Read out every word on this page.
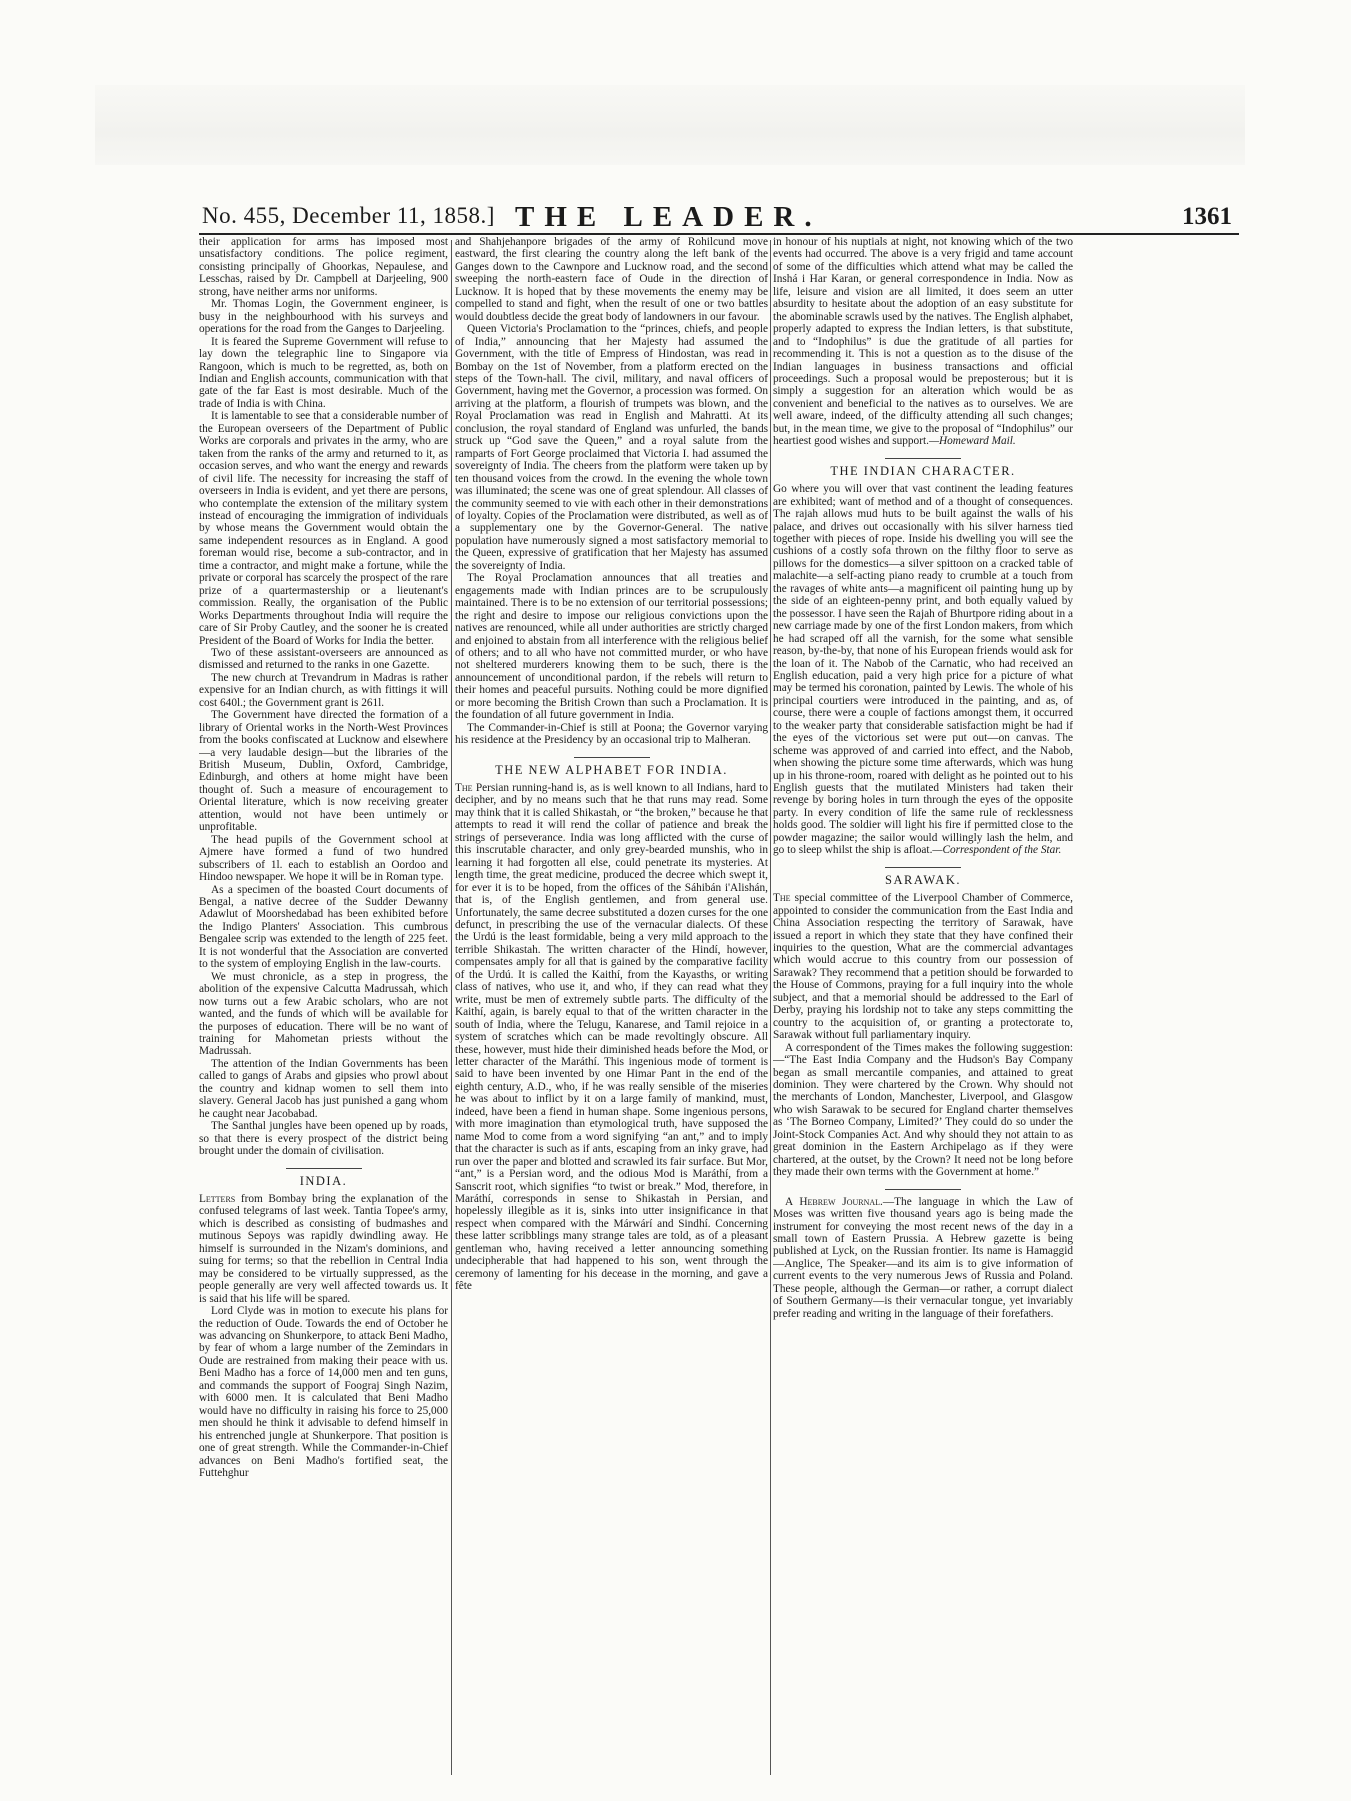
No. 455, December 11, 1858.] THE LEADER.	1361

their application for arms has imposed most unsatisfactory conditions. The police regiment, consisting principally of Ghoorkas, Nepaulese, and Lesschas, raised by Dr. Campbell at Darjeeling, 900 strong, have neither arms nor uniforms.

Mr. Thomas Login, the Government engineer, is busy in the neighbourhood with his surveys and operations for the road from the Ganges to Darjeeling.

It is feared the Supreme Government will refuse to lay down the telegraphic line to Singapore via Rangoon, which is much to be regretted, as, both on Indian and English accounts, communication with that gate of the far East is most desirable. Much of the trade of India is with China.

It is lamentable to see that a considerable number of the European overseers of the Department of Public Works are corporals and privates in the army, who are taken from the ranks of the army and returned to it, as occasion serves, and who want the energy and rewards of civil life. The necessity for increasing the staff of overseers in India is evident, and yet there are persons, who contemplate the extension of the military system instead of encouraging the immigration of individuals by whose means the Government would obtain the same independent resources as in England. A good foreman would rise, become a sub-contractor, and in time a contractor, and might make a fortune, while the private or corporal has scarcely the prospect of the rare prize of a quartermastership or a lieutenant's commission. Really, the organisation of the Public Works Departments throughout India will require the care of Sir Proby Cautley, and the sooner he is created President of the Board of Works for India the better.

Two of these assistant-overseers are announced as dismissed and returned to the ranks in one Gazette.

The new church at Trevandrum in Madras is rather expensive for an Indian church, as with fittings it will cost 640l.; the Government grant is 261l.

The Government have directed the formation of a library of Oriental works in the North-West Provinces from the books confiscated at Lucknow and elsewhere—a very laudable design—but the libraries of the British Museum, Dublin, Oxford, Cambridge, Edinburgh, and others at home might have been thought of. Such a measure of encouragement to Oriental literature, which is now receiving greater attention, would not have been untimely or unprofitable.

The head pupils of the Government school at Ajmere have formed a fund of two hundred subscribers of 1l. each to establish an Oordoo and Hindoo newspaper. We hope it will be in Roman type.

As a specimen of the boasted Court documents of Bengal, a native decree of the Sudder Dewanny Adawlut of Moorshedabad has been exhibited before the Indigo Planters' Association. This cumbrous Bengalee scrip was extended to the length of 225 feet. It is not wonderful that the Association are converted to the system of employing English in the law-courts.

We must chronicle, as a step in progress, the abolition of the expensive Calcutta Madrussah, which now turns out a few Arabic scholars, who are not wanted, and the funds of which will be available for the purposes of education. There will be no want of training for Mahometan priests without the Madrussah.

The attention of the Indian Governments has been called to gangs of Arabs and gipsies who prowl about the country and kidnap women to sell them into slavery. General Jacob has just punished a gang whom he caught near Jacobabad.

The Santhal jungles have been opened up by roads, so that there is every prospect of the district being brought under the domain of civilisation.

INDIA.

Letters from Bombay bring the explanation of the confused telegrams of last week. Tantia Topee's army, which is described as consisting of budmashes and mutinous Sepoys was rapidly dwindling away. He himself is surrounded in the Nizam's dominions, and suing for terms; so that the rebellion in Central India may be considered to be virtually suppressed, as the people generally are very well affected towards us. It is said that his life will be spared.

Lord Clyde was in motion to execute his plans for the reduction of Oude. Towards the end of October he was advancing on Shunkerpore, to attack Beni Madho, by fear of whom a large number of the Zemindars in Oude are restrained from making their peace with us. Beni Madho has a force of 14,000 men and ten guns, and commands the support of Foograj Singh Nazim, with 6000 men. It is calculated that Beni Madho would have no difficulty in raising his force to 25,000 men should he think it advisable to defend himself in his entrenched jungle at Shunkerpore. That position is one of great strength. While the Commander-in-Chief advances on Beni Madho's fortified seat, the Futtehghur

and Shahjehanpore brigades of the army of Rohilcund move eastward, the first clearing the country along the left bank of the Ganges down to the Cawnpore and Lucknow road, and the second sweeping the north-eastern face of Oude in the direction of Lucknow. It is hoped that by these movements the enemy may be compelled to stand and fight, when the result of one or two battles would doubtless decide the great body of landowners in our favour.

Queen Victoria's Proclamation to the “princes, chiefs, and people of India,” announcing that her Majesty had assumed the Government, with the title of Empress of Hindostan, was read in Bombay on the 1st of November, from a platform erected on the steps of the Town-hall. The civil, military, and naval officers of Government, having met the Governor, a procession was formed. On arriving at the platform, a flourish of trumpets was blown, and the Royal Proclamation was read in English and Mahratti. At its conclusion, the royal standard of England was unfurled, the bands struck up “God save the Queen,” and a royal salute from the ramparts of Fort George proclaimed that Victoria I. had assumed the sovereignty of India. The cheers from the platform were taken up by ten thousand voices from the crowd. In the evening the whole town was illuminated; the scene was one of great splendour. All classes of the community seemed to vie with each other in their demonstrations of loyalty. Copies of the Proclamation were distributed, as well as of a supplementary one by the Governor-General. The native population have numerously signed a most satisfactory memorial to the Queen, expressive of gratification that her Majesty has assumed the sovereignty of India.

The Royal Proclamation announces that all treaties and engagements made with Indian princes are to be scrupulously maintained. There is to be no extension of our territorial possessions; the right and desire to impose our religious convictions upon the natives are renounced, while all under authorities are strictly charged and enjoined to abstain from all interference with the religious belief of others; and to all who have not committed murder, or who have not sheltered murderers knowing them to be such, there is the announcement of unconditional pardon, if the rebels will return to their homes and peaceful pursuits. Nothing could be more dignified or more becoming the British Crown than such a Proclamation. It is the foundation of all future government in India.

The Commander-in-Chief is still at Poona; the Governor varying his residence at the Presidency by an occasional trip to Malheran.

THE NEW ALPHABET FOR INDIA.

The Persian running-hand is, as is well known to all Indians, hard to decipher, and by no means such that he that runs may read. Some may think that it is called Shikastah, or “the broken,” because he that attempts to read it will rend the collar of patience and break the strings of perseverance. India was long afflicted with the curse of this inscrutable character, and only grey-bearded munshis, who in learning it had forgotten all else, could penetrate its mysteries. At length time, the great medicine, produced the decree which swept it, for ever it is to be hoped, from the offices of the Sáhibán i'Alishán, that is, of the English gentlemen, and from general use. Unfortunately, the same decree substituted a dozen curses for the one defunct, in prescribing the use of the vernacular dialects. Of these the Urdú is the least formidable, being a very mild approach to the terrible Shikastah. The written character of the Hindí, however, compensates amply for all that is gained by the comparative facility of the Urdú. It is called the Kaithí, from the Kayasths, or writing class of natives, who use it, and who, if they can read what they write, must be men of extremely subtle parts. The difficulty of the Kaithí, again, is barely equal to that of the written character in the south of India, where the Telugu, Kanarese, and Tamil rejoice in a system of scratches which can be made revoltingly obscure. All these, however, must hide their diminished heads before the Mod, or letter character of the Maráthí. This ingenious mode of torment is said to have been invented by one Himar Pant in the end of the eighth century, A.D., who, if he was really sensible of the miseries he was about to inflict by it on a large family of mankind, must, indeed, have been a fiend in human shape. Some ingenious persons, with more imagination than etymological truth, have supposed the name Mod to come from a word signifying “an ant,” and to imply that the character is such as if ants, escaping from an inky grave, had run over the paper and blotted and scrawled its fair surface. But Mor, “ant,” is a Persian word, and the odious Mod is Maráthí, from a Sanscrit root, which signifies “to twist or break.” Mod, therefore, in Maráthí, corresponds in sense to Shikastah in Persian, and hopelessly illegible as it is, sinks into utter insignificance in that respect when compared with the Márwárí and Sindhí. Concerning these latter scribblings many strange tales are told, as of a pleasant gentleman who, having received a letter announcing something undecipherable that had happened to his son, went through the ceremony of lamenting for his decease in the morning, and gave a fête

in honour of his nuptials at night, not knowing which of the two events had occurred. The above is a very frigid and tame account of some of the difficulties which attend what may be called the Inshá i Har Karan, or general correspondence in India. Now as life, leisure and vision are all limited, it does seem an utter absurdity to hesitate about the adoption of an easy substitute for the abominable scrawls used by the natives. The English alphabet, properly adapted to express the Indian letters, is that substitute, and to “Indophilus” is due the gratitude of all parties for recommending it. This is not a question as to the disuse of the Indian languages in business transactions and official proceedings. Such a proposal would be preposterous; but it is simply a suggestion for an alteration which would be as convenient and beneficial to the natives as to ourselves. We are well aware, indeed, of the difficulty attending all such changes; but, in the mean time, we give to the proposal of “Indophilus” our heartiest good wishes and support.—Homeward Mail.

THE INDIAN CHARACTER.

Go where you will over that vast continent the leading features are exhibited; want of method and of a thought of consequences. The rajah allows mud huts to be built against the walls of his palace, and drives out occasionally with his silver harness tied together with pieces of rope. Inside his dwelling you will see the cushions of a costly sofa thrown on the filthy floor to serve as pillows for the domestics—a silver spittoon on a cracked table of malachite—a self-acting piano ready to crumble at a touch from the ravages of white ants—a magnificent oil painting hung up by the side of an eighteen-penny print, and both equally valued by the possessor. I have seen the Rajah of Bhurtpore riding about in a new carriage made by one of the first London makers, from which he had scraped off all the varnish, for the some what sensible reason, by-the-by, that none of his European friends would ask for the loan of it. The Nabob of the Carnatic, who had received an English education, paid a very high price for a picture of what may be termed his coronation, painted by Lewis. The whole of his principal courtiers were introduced in the painting, and as, of course, there were a couple of factions amongst them, it occurred to the weaker party that considerable satisfaction might be had if the eyes of the victorious set were put out—on canvas. The scheme was approved of and carried into effect, and the Nabob, when showing the picture some time afterwards, which was hung up in his throne-room, roared with delight as he pointed out to his English guests that the mutilated Ministers had taken their revenge by boring holes in turn through the eyes of the opposite party. In every condition of life the same rule of recklessness holds good. The soldier will light his fire if permitted close to the powder magazine; the sailor would willingly lash the helm, and go to sleep whilst the ship is afloat.—Correspondent of the Star.

SARAWAK.

The special committee of the Liverpool Chamber of Commerce, appointed to consider the communication from the East India and China Association respecting the territory of Sarawak, have issued a report in which they state that they have confined their inquiries to the question, What are the commercial advantages which would accrue to this country from our possession of Sarawak? They recommend that a petition should be forwarded to the House of Commons, praying for a full inquiry into the whole subject, and that a memorial should be addressed to the Earl of Derby, praying his lordship not to take any steps committing the country to the acquisition of, or granting a protectorate to, Sarawak without full parliamentary inquiry.

A correspondent of the Times makes the following suggestion:—“The East India Company and the Hudson's Bay Company began as small mercantile companies, and attained to great dominion. They were chartered by the Crown. Why should not the merchants of London, Manchester, Liverpool, and Glasgow who wish Sarawak to be secured for England charter themselves as ‘The Borneo Company, Limited?’ They could do so under the Joint-Stock Companies Act. And why should they not attain to as great dominion in the Eastern Archipelago as if they were chartered, at the outset, by the Crown? It need not be long before they made their own terms with the Government at home.”

A Hebrew Journal.—The language in which the Law of Moses was written five thousand years ago is being made the instrument for conveying the most recent news of the day in a small town of Eastern Prussia. A Hebrew gazette is being published at Lyck, on the Russian frontier. Its name is Hamaggid—Anglice, The Speaker—and its aim is to give information of current events to the very numerous Jews of Russia and Poland. These people, although the German—or rather, a corrupt dialect of Southern Germany—is their vernacular tongue, yet invariably prefer reading and writing in the language of their forefathers.
